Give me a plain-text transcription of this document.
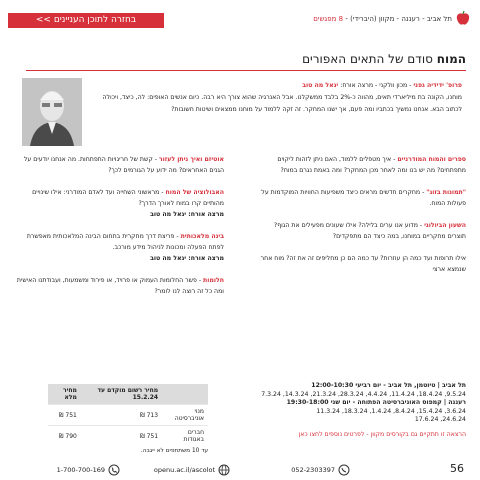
תל אביב - רעננה - מקוון (היברידי) - 8 מפגשים
בחזרה לתוכן העניינים >>
המוח סודם של התאים האפורים
פרופ' ידידיה גפני - מכון וולקני - מרצה אורח: יגאל מה טוב
מוחנו, הקונה בת מיליארדי תאים, מהווה כ-2% בלבד ממשקלנו. אבל האנרגיה שהוא צורך היא רבה. כיום אנשים האופים: לה, כיצד, ויכולה לכתוב הבא. אנחנו נמשיך בכתביו ומה פעם, אך ישנו המחקר. זה זקה ללמוד על מוחנו ממצאים ושיטות חשובות?

ספרים והמוח המודרניים - איך מטפלים ללמוד, האם ניתן לזהות ליקוים מתפתחים? מה יש בנו ומה לאחר מכן המחקר? ומה באמת נגרם במוח?

"תמונות בזוג" - מחקרים חדשים מראים כיצד משפיעות החוויות המוקדמות על פעולות המוח.

השעון הביולוגי - מדוע אנו ערים בלילה? אילו שעונים מפעילים את הגוף? תוצרים מחקריים במוחנו, במה כיצד הם מתפקדים?

אילו תרופות ועד כמה הן עוזרות? עד כמה הם כן מחליפים זה את זה? מוח אחר שנמצא ארצי

אוטיזם ואיך ניתן לעזור - קשת של חריגויות התפתחות. מה אנחנו יודעים על הגנים האחראים? מה ידוע על הגורמים לכך?

האבולוציה של המוח - מראשוני השחייה ועד לאדם המודרני: אילו שינויים מהותיים קרו במוח לאורך הדרך?
מרצה אורח: יגאל מה טוב

בינה מלאכותית - פריצת דרך מחקרית בתחום הבינה המלאכותית מאפשרת לפתח הפעלה ומכונות לניהול מידע מורכב.
מרצה אורח: יגאל מה טוב

חלומות - פשר החלומות העמוק או פרויד, או פירוד ומשמעות, ועבודתנו האישית ומה כל זה רוצה לנו לומר?

תל אביב | טיוטמן, תל אביב - יום רביעי 12:00-10:30
9.5.24, 18.4.24, 11.4.24, 4.4.24, 28.3.24, 21.3.24, 14.3.24, 7.3.24
רעננה | קמפוס האוניברסיטה הפתוחה - יום שני 19:30-18:00
3.6.24, 15.4.24, 8.4.24, 1.4.24, 18.3.24, 11.3.24
24.6.24, 17.6.24
הרצאה זו תתקיים גם בקורסים מקוון - לפרטים נוספים לחצו כאן
	מחיר רשום מוקדם עד 15.2.24	מחיר מלא
מנוי אוניברסיטה	713 ₪	751 ₪
חברים באגודות	751 ₪	790 ₪
עד 10 משתתפים לא ייגבה.
56
052-2303397
openu.ac.il/ascolot
1-700-700-169
